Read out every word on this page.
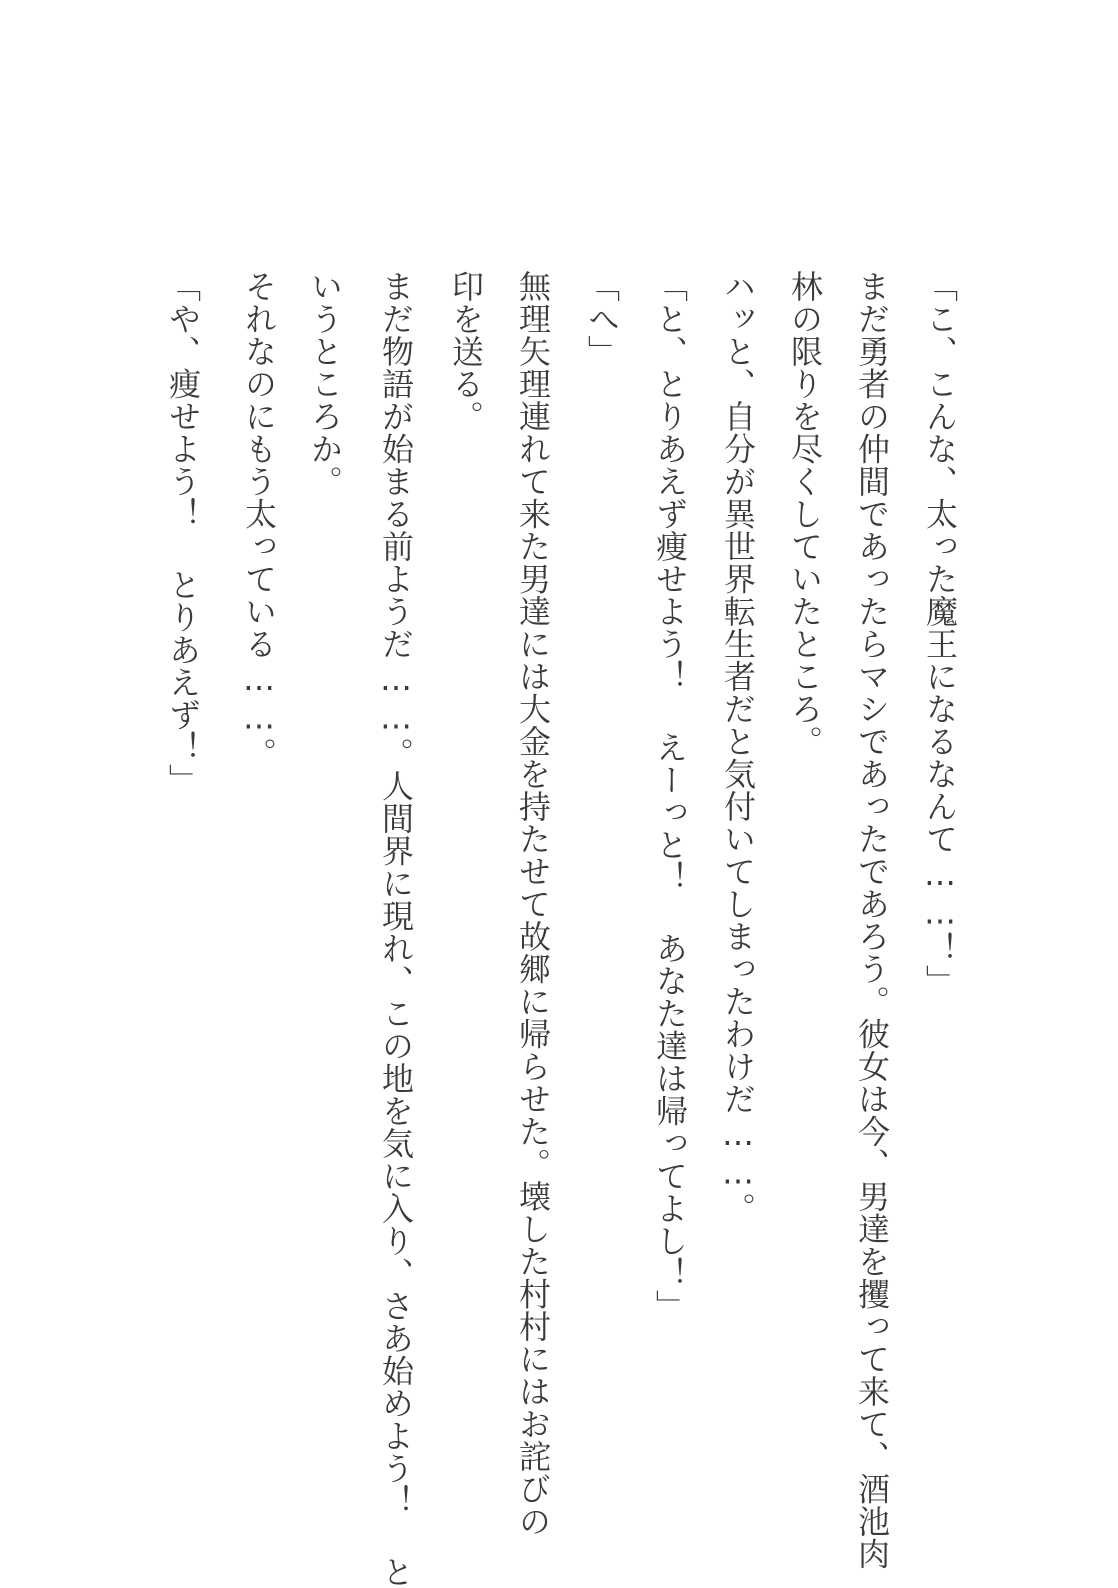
「こ、こんな、太った魔王になるなんて……！」

まだ勇者の仲間であったらマシであったであろう。彼女は今、男達を攫って来て、酒池肉

林の限りを尽くしていたところ。

ハッと、自分が異世界転生者だと気付いてしまったわけだ……。

「と、とりあえず痩せよう！ えーっと！ あなた達は帰ってよし！」

「へ」

無理矢理連れて来た男達には大金を持たせて故郷に帰らせた。壊した村村にはお詫びの

印を送る。

まだ物語が始まる前ようだ……。人間界に現れ、この地を気に入り、さあ始めよう！ と

いうところか。

それなのにもう太っている……。

「や、痩せよう！ とりあえず！」
